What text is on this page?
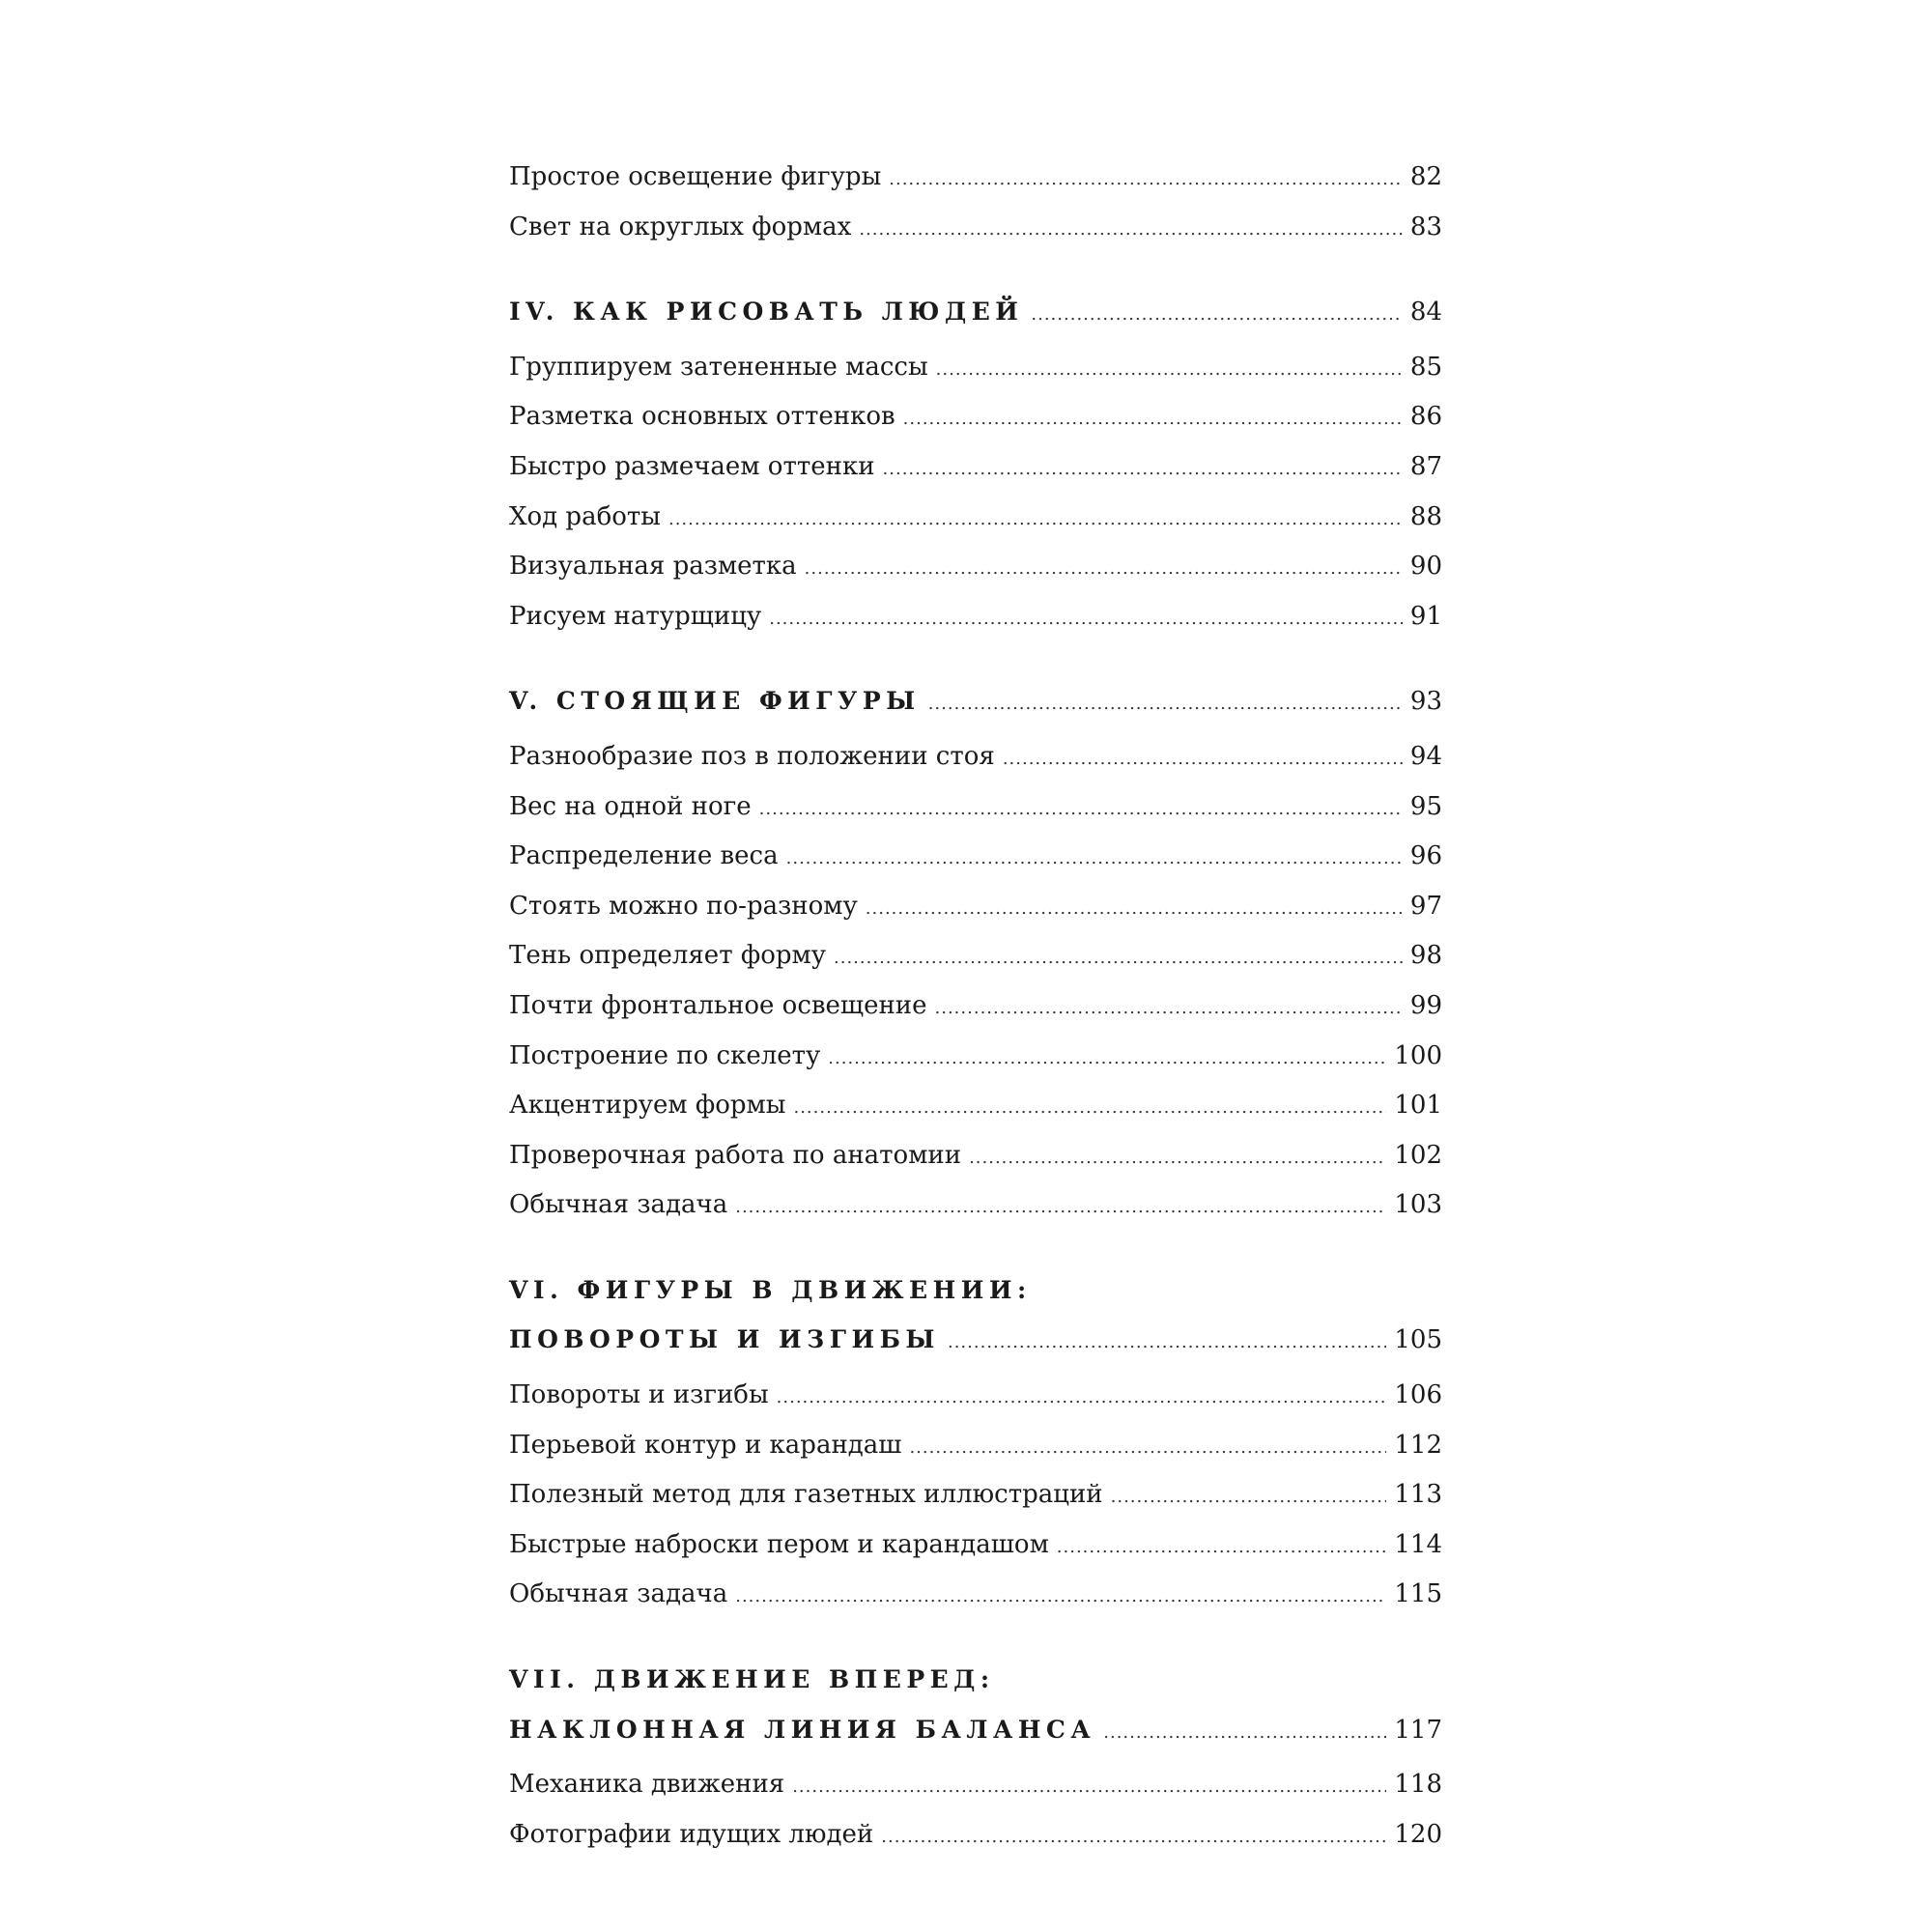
Простое освещение фигуры .....	82
Свет на округлых формах .....	83
IV. КАК РИСОВАТЬ ЛЮДЕЙ .....	84
Группируем затененные массы .....	85
Разметка основных оттенков .....	86
Быстро размечаем оттенки .....	87
Ход работы .....	88
Визуальная разметка .....	90
Рисуем натурщицу .....	91
V. СТОЯЩИЕ ФИГУРЫ .....	93
Разнообразие поз в положении стоя .....	94
Вес на одной ноге .....	95
Распределение веса .....	96
Стоять можно по-разному .....	97
Тень определяет форму .....	98
Почти фронтальное освещение .....	99
Построение по скелету .....	100
Акцентируем формы .....	101
Проверочная работа по анатомии .....	102
Обычная задача .....	103
VI. ФИГУРЫ В ДВИЖЕНИИ:
ПОВОРОТЫ И ИЗГИБЫ .....	105
Повороты и изгибы .....	106
Перьевой контур и карандаш .....	112
Полезный метод для газетных иллюстраций .....	113
Быстрые наброски пером и карандашом .....	114
Обычная задача .....	115
VII. ДВИЖЕНИЕ ВПЕРЕД:
НАКЛОННАЯ ЛИНИЯ БАЛАНСА .....	117
Механика движения .....	118
Фотографии идущих людей .....	120
